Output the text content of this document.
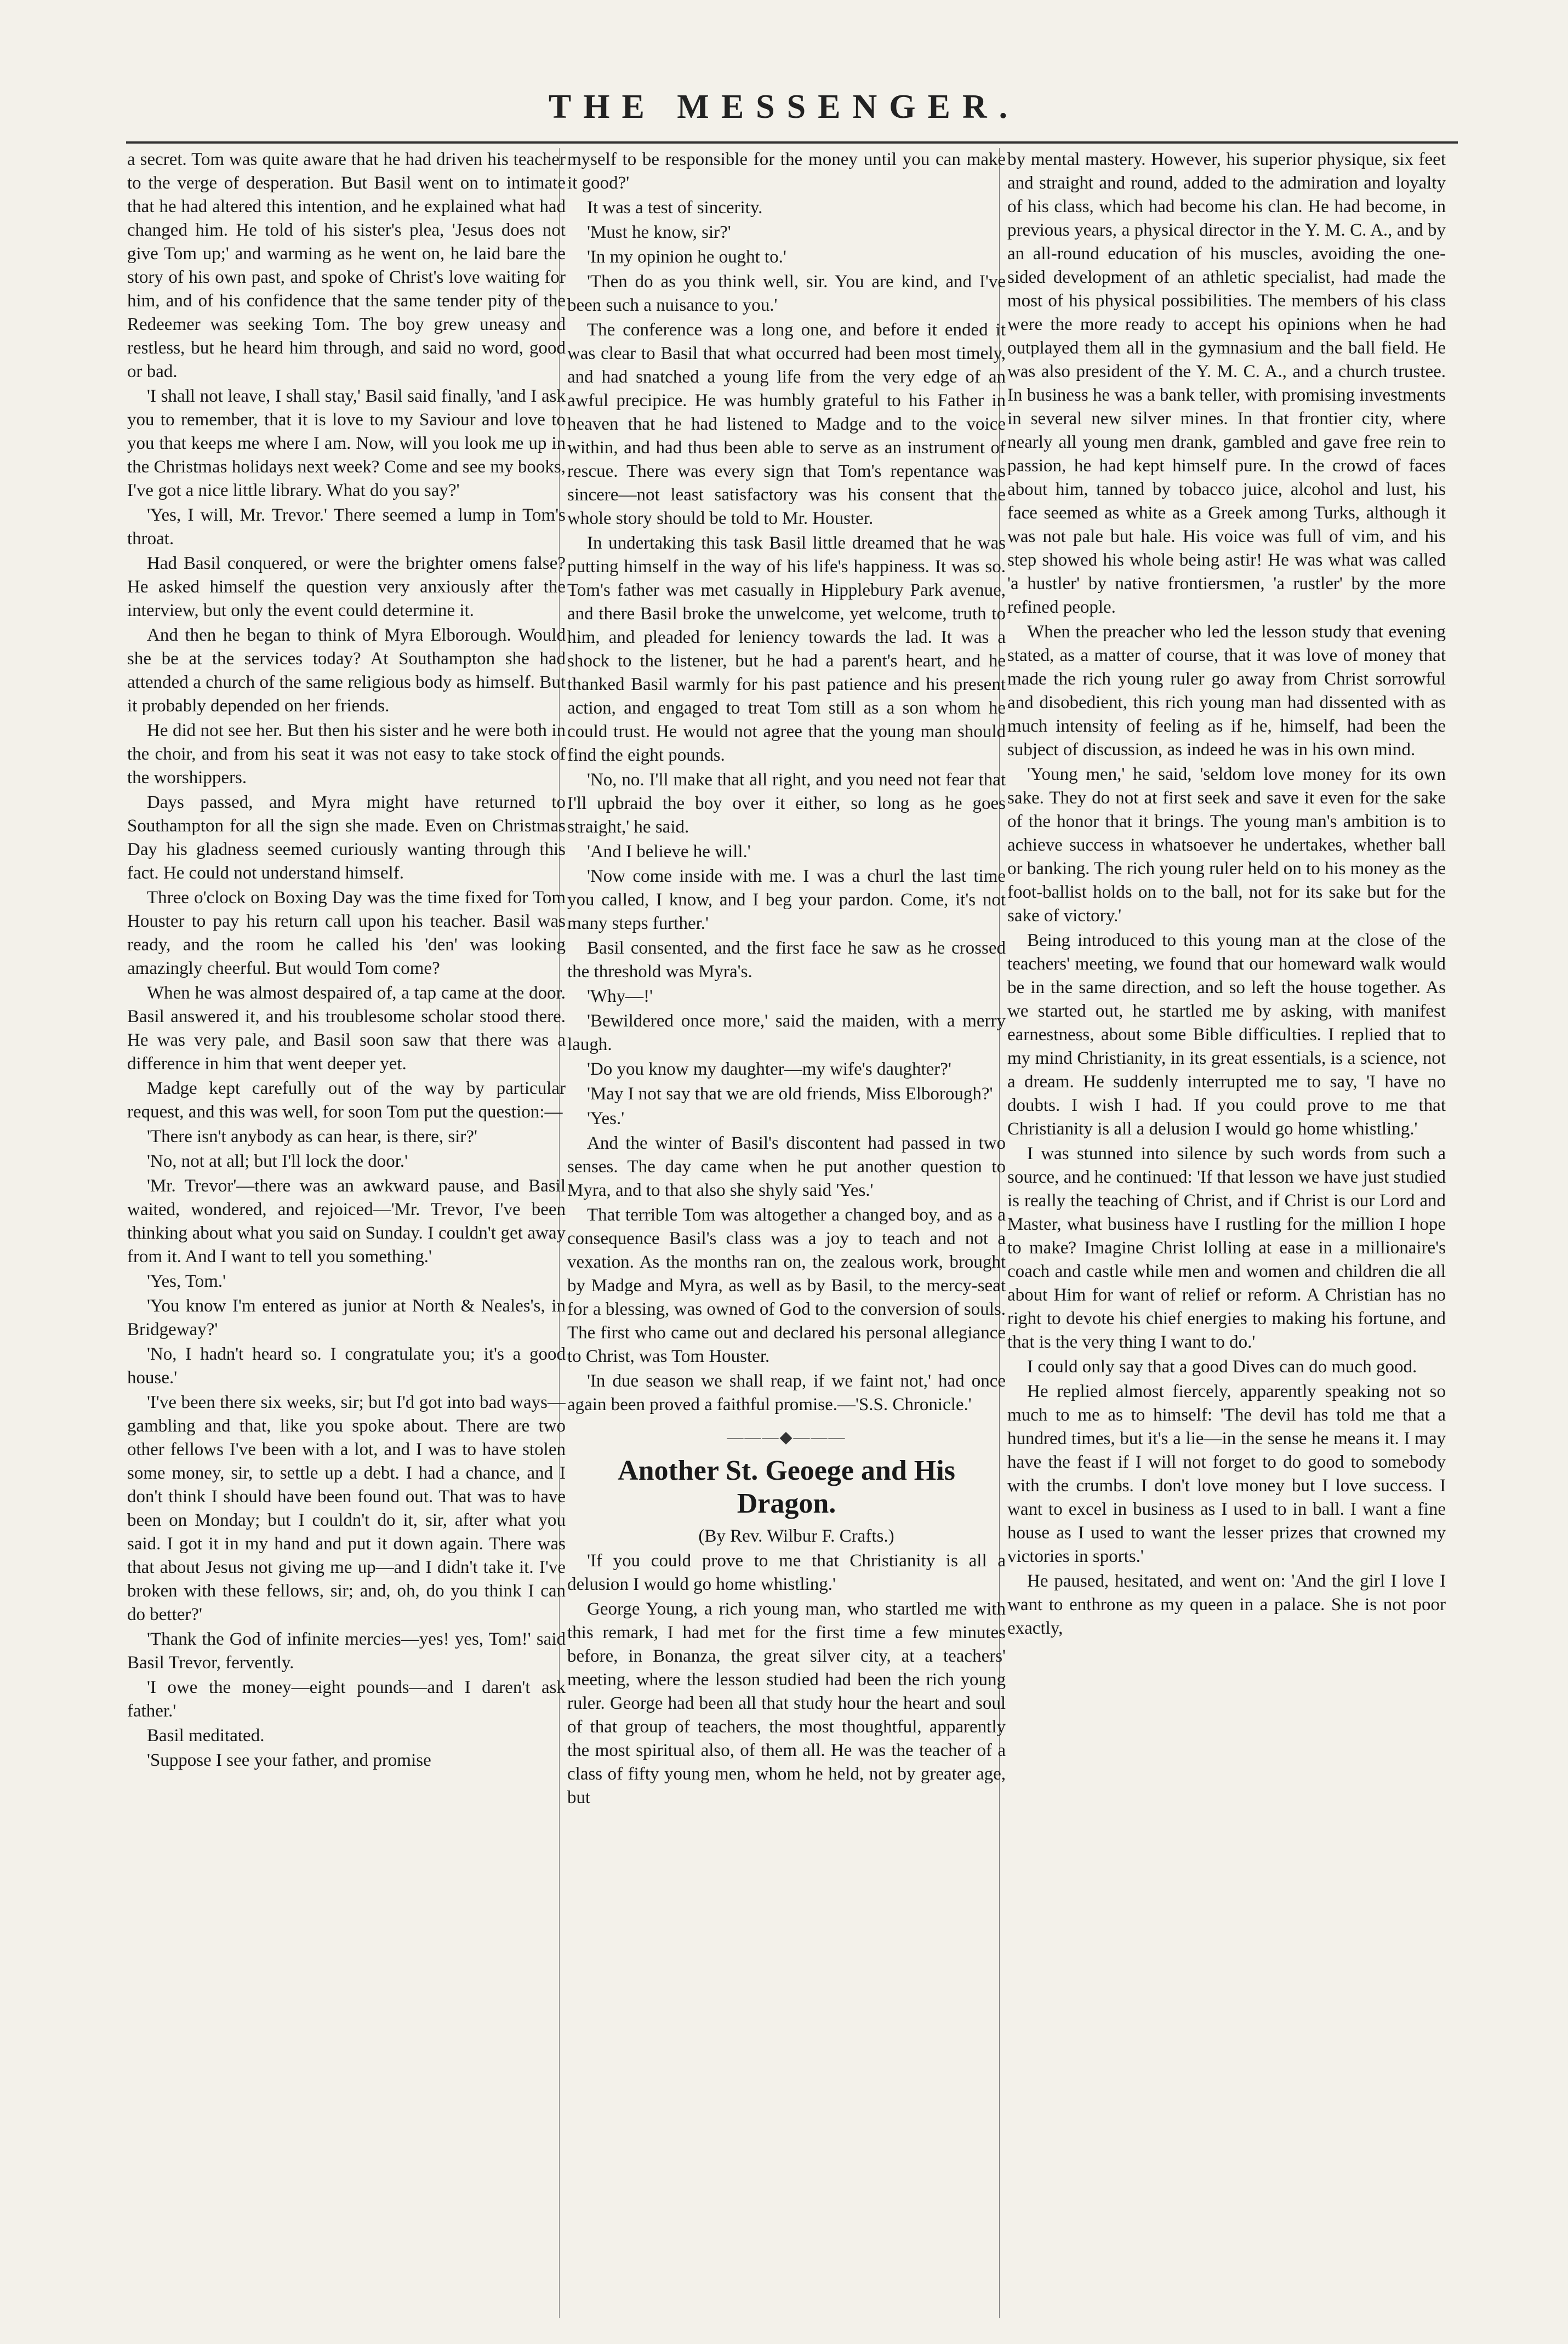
THE MESSENGER.

a secret. Tom was quite aware that he had driven his teacher to the verge of desperation. But Basil went on to intimate that he had altered this intention, and he explained what had changed him. He told of his sister's plea, 'Jesus does not give Tom up;' and warming as he went on, he laid bare the story of his own past, and spoke of Christ's love waiting for him, and of his confidence that the same tender pity of the Redeemer was seeking Tom. The boy grew uneasy and restless, but he heard him through, and said no word, good or bad.

'I shall not leave, I shall stay,' Basil said finally, 'and I ask you to remember, that it is love to my Saviour and love to you that keeps me where I am. Now, will you look me up in the Christmas holidays next week? Come and see my books, I've got a nice little library. What do you say?'

'Yes, I will, Mr. Trevor.' There seemed a lump in Tom's throat.

Had Basil conquered, or were the brighter omens false? He asked himself the question very anxiously after the interview, but only the event could determine it.

And then he began to think of Myra Elborough. Would she be at the services today? At Southampton she had attended a church of the same religious body as himself. But it probably depended on her friends.

He did not see her. But then his sister and he were both in the choir, and from his seat it was not easy to take stock of the worshippers.

Days passed, and Myra might have returned to Southampton for all the sign she made. Even on Christmas Day his gladness seemed curiously wanting through this fact. He could not understand himself.

Three o'clock on Boxing Day was the time fixed for Tom Houster to pay his return call upon his teacher. Basil was ready, and the room he called his 'den' was looking amazingly cheerful. But would Tom come?

When he was almost despaired of, a tap came at the door. Basil answered it, and his troublesome scholar stood there. He was very pale, and Basil soon saw that there was a difference in him that went deeper yet.

Madge kept carefully out of the way by particular request, and this was well, for soon Tom put the question:—

'There isn't anybody as can hear, is there, sir?'

'No, not at all; but I'll lock the door.'

'Mr. Trevor'—there was an awkward pause, and Basil waited, wondered, and rejoiced—'Mr. Trevor, I've been thinking about what you said on Sunday. I couldn't get away from it. And I want to tell you something.'

'Yes, Tom.'

'You know I'm entered as junior at North & Neales's, in Bridgeway?'

'No, I hadn't heard so. I congratulate you; it's a good house.'

'I've been there six weeks, sir; but I'd got into bad ways—gambling and that, like you spoke about. There are two other fellows I've been with a lot, and I was to have stolen some money, sir, to settle up a debt. I had a chance, and I don't think I should have been found out. That was to have been on Monday; but I couldn't do it, sir, after what you said. I got it in my hand and put it down again. There was that about Jesus not giving me up—and I didn't take it. I've broken with these fellows, sir; and, oh, do you think I can do better?'

'Thank the God of infinite mercies—yes! yes, Tom!' said Basil Trevor, fervently.

'I owe the money—eight pounds—and I daren't ask father.'

Basil meditated.

'Suppose I see your father, and promise

myself to be responsible for the money until you can make it good?'

It was a test of sincerity.

'Must he know, sir?'

'In my opinion he ought to.'

'Then do as you think well, sir. You are kind, and I've been such a nuisance to you.'

The conference was a long one, and before it ended it was clear to Basil that what occurred had been most timely, and had snatched a young life from the very edge of an awful precipice. He was humbly grateful to his Father in heaven that he had listened to Madge and to the voice within, and had thus been able to serve as an instrument of rescue. There was every sign that Tom's repentance was sincere—not least satisfactory was his consent that the whole story should be told to Mr. Houster.

In undertaking this task Basil little dreamed that he was putting himself in the way of his life's happiness. It was so. Tom's father was met casually in Hipplebury Park avenue, and there Basil broke the unwelcome, yet welcome, truth to him, and pleaded for leniency towards the lad. It was a shock to the listener, but he had a parent's heart, and he thanked Basil warmly for his past patience and his present action, and engaged to treat Tom still as a son whom he could trust. He would not agree that the young man should find the eight pounds.

'No, no. I'll make that all right, and you need not fear that I'll upbraid the boy over it either, so long as he goes straight,' he said.

'And I believe he will.'

'Now come inside with me. I was a churl the last time you called, I know, and I beg your pardon. Come, it's not many steps further.'

Basil consented, and the first face he saw as he crossed the threshold was Myra's.

'Why—!'

'Bewildered once more,' said the maiden, with a merry laugh.

'Do you know my daughter—my wife's daughter?'

'May I not say that we are old friends, Miss Elborough?'

'Yes.'

And the winter of Basil's discontent had passed in two senses. The day came when he put another question to Myra, and to that also she shyly said 'Yes.'

That terrible Tom was altogether a changed boy, and as a consequence Basil's class was a joy to teach and not a vexation. As the months ran on, the zealous work, brought by Madge and Myra, as well as by Basil, to the mercy-seat for a blessing, was owned of God to the conversion of souls. The first who came out and declared his personal allegiance to Christ, was Tom Houster.

'In due season we shall reap, if we faint not,' had once again been proved a faithful promise.—'S.S. Chronicle.'

———◆———
Another St. Geoege and His Dragon.

(By Rev. Wilbur F. Crafts.)

'If you could prove to me that Christianity is all a delusion I would go home whistling.'

George Young, a rich young man, who startled me with this remark, I had met for the first time a few minutes before, in Bonanza, the great silver city, at a teachers' meeting, where the lesson studied had been the rich young ruler. George had been all that study hour the heart and soul of that group of teachers, the most thoughtful, apparently the most spiritual also, of them all. He was the teacher of a class of fifty young men, whom he held, not by greater age, but

by mental mastery. However, his superior physique, six feet and straight and round, added to the admiration and loyalty of his class, which had become his clan. He had become, in previous years, a physical director in the Y. M. C. A., and by an all-round education of his muscles, avoiding the one-sided development of an athletic specialist, had made the most of his physical possibilities. The members of his class were the more ready to accept his opinions when he had outplayed them all in the gymnasium and the ball field. He was also president of the Y. M. C. A., and a church trustee. In business he was a bank teller, with promising investments in several new silver mines. In that frontier city, where nearly all young men drank, gambled and gave free rein to passion, he had kept himself pure. In the crowd of faces about him, tanned by tobacco juice, alcohol and lust, his face seemed as white as a Greek among Turks, although it was not pale but hale. His voice was full of vim, and his step showed his whole being astir! He was what was called 'a hustler' by native frontiersmen, 'a rustler' by the more refined people.

When the preacher who led the lesson study that evening stated, as a matter of course, that it was love of money that made the rich young ruler go away from Christ sorrowful and disobedient, this rich young man had dissented with as much intensity of feeling as if he, himself, had been the subject of discussion, as indeed he was in his own mind.

'Young men,' he said, 'seldom love money for its own sake. They do not at first seek and save it even for the sake of the honor that it brings. The young man's ambition is to achieve success in whatsoever he undertakes, whether ball or banking. The rich young ruler held on to his money as the foot-ballist holds on to the ball, not for its sake but for the sake of victory.'

Being introduced to this young man at the close of the teachers' meeting, we found that our homeward walk would be in the same direction, and so left the house together. As we started out, he startled me by asking, with manifest earnestness, about some Bible difficulties. I replied that to my mind Christianity, in its great essentials, is a science, not a dream. He suddenly interrupted me to say, 'I have no doubts. I wish I had. If you could prove to me that Christianity is all a delusion I would go home whistling.'

I was stunned into silence by such words from such a source, and he continued: 'If that lesson we have just studied is really the teaching of Christ, and if Christ is our Lord and Master, what business have I rustling for the million I hope to make? Imagine Christ lolling at ease in a millionaire's coach and castle while men and women and children die all about Him for want of relief or reform. A Christian has no right to devote his chief energies to making his fortune, and that is the very thing I want to do.'

I could only say that a good Dives can do much good.

He replied almost fiercely, apparently speaking not so much to me as to himself: 'The devil has told me that a hundred times, but it's a lie—in the sense he means it. I may have the feast if I will not forget to do good to somebody with the crumbs. I don't love money but I love success. I want to excel in business as I used to in ball. I want a fine house as I used to want the lesser prizes that crowned my victories in sports.'

He paused, hesitated, and went on: 'And the girl I love I want to enthrone as my queen in a palace. She is not poor exactly,
